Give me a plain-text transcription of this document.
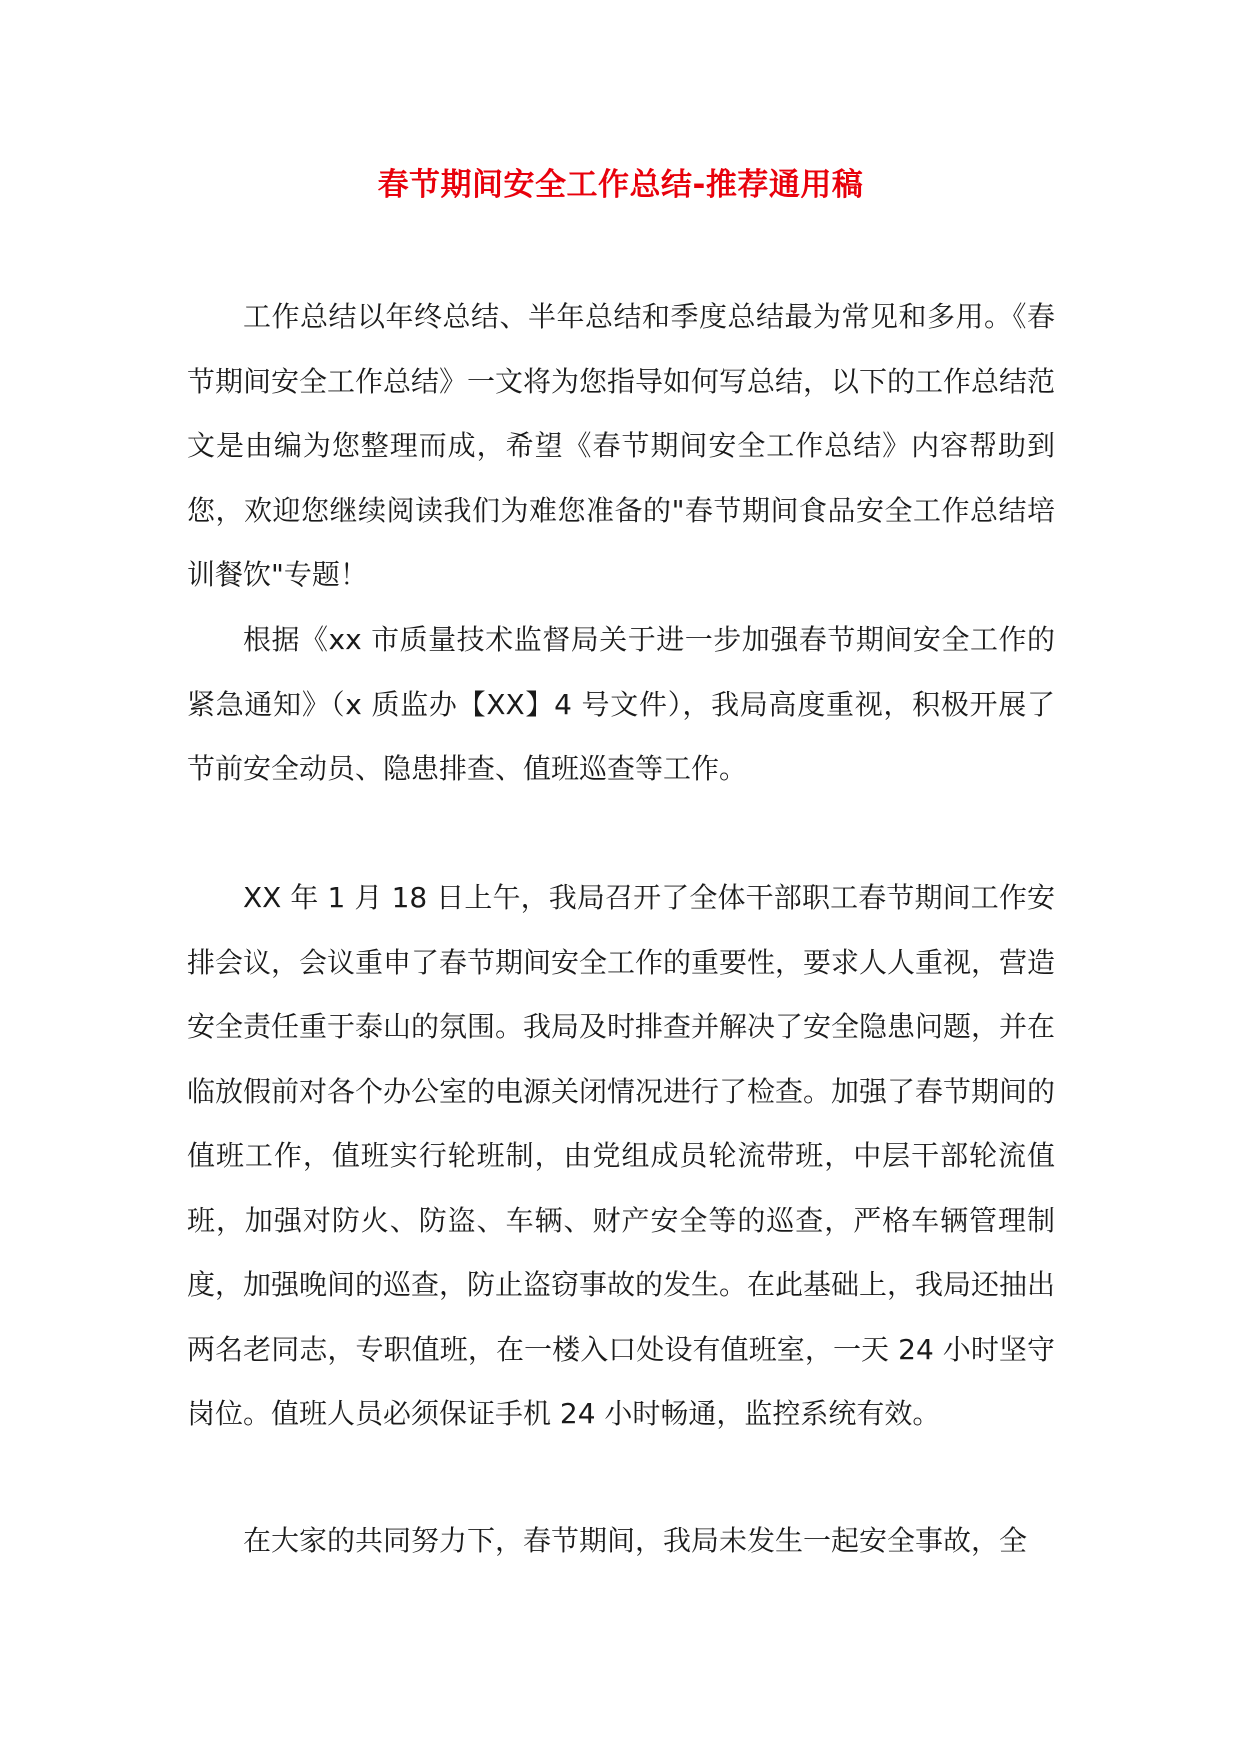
春节期间安全工作总结-推荐通用稿

工作总结以年终总结、半年总结和季度总结最为常见和多用。《春节期间安全工作总结》一文将为您指导如何写总结，以下的工作总结范文是由编为您整理而成，希望《春节期间安全工作总结》内容帮助到您，欢迎您继续阅读我们为难您准备的"春节期间食品安全工作总结培训餐饮"专题！

根据《xx 市质量技术监督局关于进一步加强春节期间安全工作的紧急通知》（x 质监办【XX】4 号文件），我局高度重视，积极开展了节前安全动员、隐患排查、值班巡查等工作。

XX 年 1 月 18 日上午，我局召开了全体干部职工春节期间工作安排会议，会议重申了春节期间安全工作的重要性，要求人人重视，营造安全责任重于泰山的氛围。我局及时排查并解决了安全隐患问题，并在临放假前对各个办公室的电源关闭情况进行了检查。加强了春节期间的值班工作，值班实行轮班制，由党组成员轮流带班，中层干部轮流值班，加强对防火、防盗、车辆、财产安全等的巡查，严格车辆管理制度，加强晚间的巡查，防止盗窃事故的发生。在此基础上，我局还抽出两名老同志，专职值班，在一楼入口处设有值班室，一天 24 小时坚守岗位。值班人员必须保证手机 24 小时畅通，监控系统有效。

在大家的共同努力下，春节期间，我局未发生一起安全事故，全
